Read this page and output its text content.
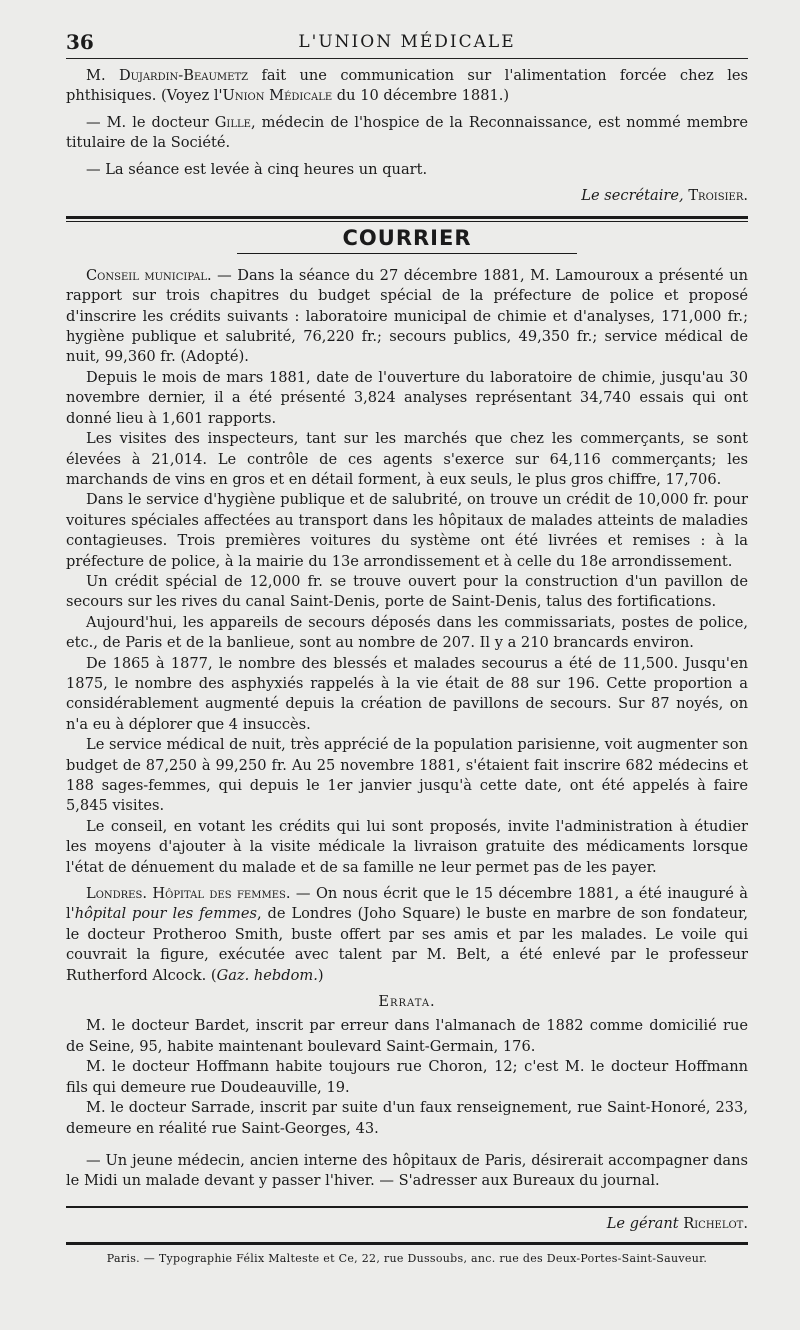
36	L'UNION MÉDICALE

M. Dujardin-Beaumetz fait une communication sur l'alimentation forcée chez les phthisiques. (Voyez l'Union Médicale du 10 décembre 1881.)

— M. le docteur Gille, médecin de l'hospice de la Reconnaissance, est nommé membre titulaire de la Société.

— La séance est levée à cinq heures un quart.

Le secrétaire, Troisier.
COURRIER

Conseil municipal. — Dans la séance du 27 décembre 1881, M. Lamouroux a présenté un rapport sur trois chapitres du budget spécial de la préfecture de police et proposé d'inscrire les crédits suivants : laboratoire municipal de chimie et d'analyses, 171,000 fr.; hygiène publique et salubrité, 76,220 fr.; secours publics, 49,350 fr.; service médical de nuit, 99,360 fr. (Adopté).

Depuis le mois de mars 1881, date de l'ouverture du laboratoire de chimie, jusqu'au 30 novembre dernier, il a été présenté 3,824 analyses représentant 34,740 essais qui ont donné lieu à 1,601 rapports.

Les visites des inspecteurs, tant sur les marchés que chez les commerçants, se sont élevées à 21,014. Le contrôle de ces agents s'exerce sur 64,116 commerçants; les marchands de vins en gros et en détail forment, à eux seuls, le plus gros chiffre, 17,706.

Dans le service d'hygiène publique et de salubrité, on trouve un crédit de 10,000 fr. pour voitures spéciales affectées au transport dans les hôpitaux de malades atteints de maladies contagieuses. Trois premières voitures du système ont été livrées et remises : à la préfecture de police, à la mairie du 13e arrondissement et à celle du 18e arrondissement.

Un crédit spécial de 12,000 fr. se trouve ouvert pour la construction d'un pavillon de secours sur les rives du canal Saint-Denis, porte de Saint-Denis, talus des fortifications.

Aujourd'hui, les appareils de secours déposés dans les commissariats, postes de police, etc., de Paris et de la banlieue, sont au nombre de 207. Il y a 210 brancards environ.

De 1865 à 1877, le nombre des blessés et malades secourus a été de 11,500. Jusqu'en 1875, le nombre des asphyxiés rappelés à la vie était de 88 sur 196. Cette proportion a considérablement augmenté depuis la création de pavillons de secours. Sur 87 noyés, on n'a eu à déplorer que 4 insuccès.

Le service médical de nuit, très apprécié de la population parisienne, voit augmenter son budget de 87,250 à 99,250 fr. Au 25 novembre 1881, s'étaient fait inscrire 682 médecins et 188 sages-femmes, qui depuis le 1er janvier jusqu'à cette date, ont été appelés à faire 5,845 visites.

Le conseil, en votant les crédits qui lui sont proposés, invite l'administration à étudier les moyens d'ajouter à la visite médicale la livraison gratuite des médicaments lorsque l'état de dénuement du malade et de sa famille ne leur permet pas de les payer.

Londres. Hôpital des femmes. — On nous écrit que le 15 décembre 1881, a été inauguré à l'hôpital pour les femmes, de Londres (Joho Square) le buste en marbre de son fondateur, le docteur Protheroo Smith, buste offert par ses amis et par les malades. Le voile qui couvrait la figure, exécutée avec talent par M. Belt, a été enlevé par le professeur Rutherford Alcock. (Gaz. hebdom.)

Errata.

M. le docteur Bardet, inscrit par erreur dans l'almanach de 1882 comme domicilié rue de Seine, 95, habite maintenant boulevard Saint-Germain, 176.

M. le docteur Hoffmann habite toujours rue Choron, 12; c'est M. le docteur Hoffmann fils qui demeure rue Doudeauville, 19.

M. le docteur Sarrade, inscrit par suite d'un faux renseignement, rue Saint-Honoré, 233, demeure en réalité rue Saint-Georges, 43.

— Un jeune médecin, ancien interne des hôpitaux de Paris, désirerait accompagner dans le Midi un malade devant y passer l'hiver. — S'adresser aux Bureaux du journal.

Le gérant Richelot.
Paris. — Typographie Félix Malteste et Ce, 22, rue Dussoubs, anc. rue des Deux-Portes-Saint-Sauveur.
